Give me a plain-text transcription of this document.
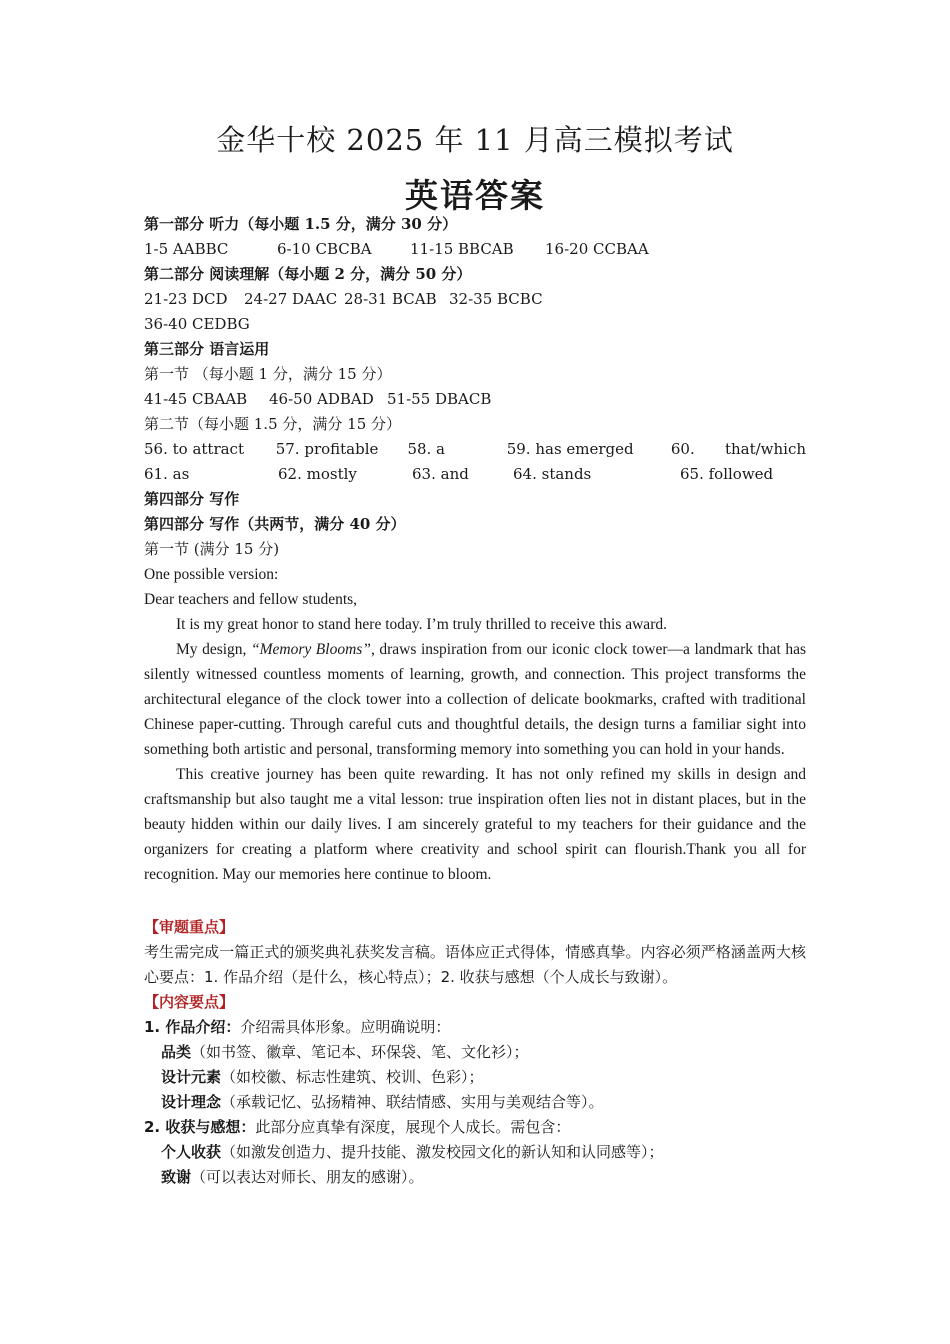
金华十校 2025 年 11 月高三模拟考试
英语答案
第一部分 听力（每小题 1.5 分，满分 30 分）
1-5 AABBC	6-10 CBCBA	11-15 BBCAB	16-20 CCBAA
第二部分 阅读理解（每小题 2 分，满分 50 分）
21-23 DCD	24-27 DAAC 28-31 BCAB 32-35 BCBC
36-40 CEDBG
第三部分 语言运用
第一节 （每小题 1 分，满分 15 分）
41-45 CBAAB	46-50 ADBAD 51-55 DBACB
第二节（每小题 1.5 分，满分 15 分）
56. to attract	57. profitable	58. a	59. has emerged	60.	that/which
61. as	62. mostly	63. and	64. stands	65. followed
第四部分 写作
第四部分 写作（共两节，满分 40 分）
第一节 (满分 15 分)

One possible version:

Dear teachers and fellow students,

It is my great honor to stand here today. I’m truly thrilled to receive this award.

My design, “Memory Blooms”, draws inspiration from our iconic clock tower—a landmark that has silently witnessed countless moments of learning, growth, and connection. This project transforms the architectural elegance of the clock tower into a collection of delicate bookmarks, crafted with traditional Chinese paper-cutting. Through careful cuts and thoughtful details, the design turns a familiar sight into something both artistic and personal, transforming memory into something you can hold in your hands.

This creative journey has been quite rewarding. It has not only refined my skills in design and craftsmanship but also taught me a vital lesson: true inspiration often lies not in distant places, but in the beauty hidden within our daily lives. I am sincerely grateful to my teachers for their guidance and the organizers for creating a platform where creativity and school spirit can flourish.Thank you all for recognition. May our memories here continue to bloom.

【审题重点】
考生需完成一篇正式的颁奖典礼获奖发言稿。语体应正式得体，情感真挚。内容必须严格涵盖两大核心要点：1. 作品介绍（是什么，核心特点）；2. 收获与感想（个人成长与致谢）。
【内容要点】
1. 作品介绍：介绍需具体形象。应明确说明：
品类（如书签、徽章、笔记本、环保袋、笔、文化衫）；
设计元素（如校徽、标志性建筑、校训、色彩）；
设计理念（承载记忆、弘扬精神、联结情感、实用与美观结合等）。
2. 收获与感想：此部分应真挚有深度，展现个人成长。需包含：
个人收获（如激发创造力、提升技能、激发校园文化的新认知和认同感等）；
致谢（可以表达对师长、朋友的感谢）。
